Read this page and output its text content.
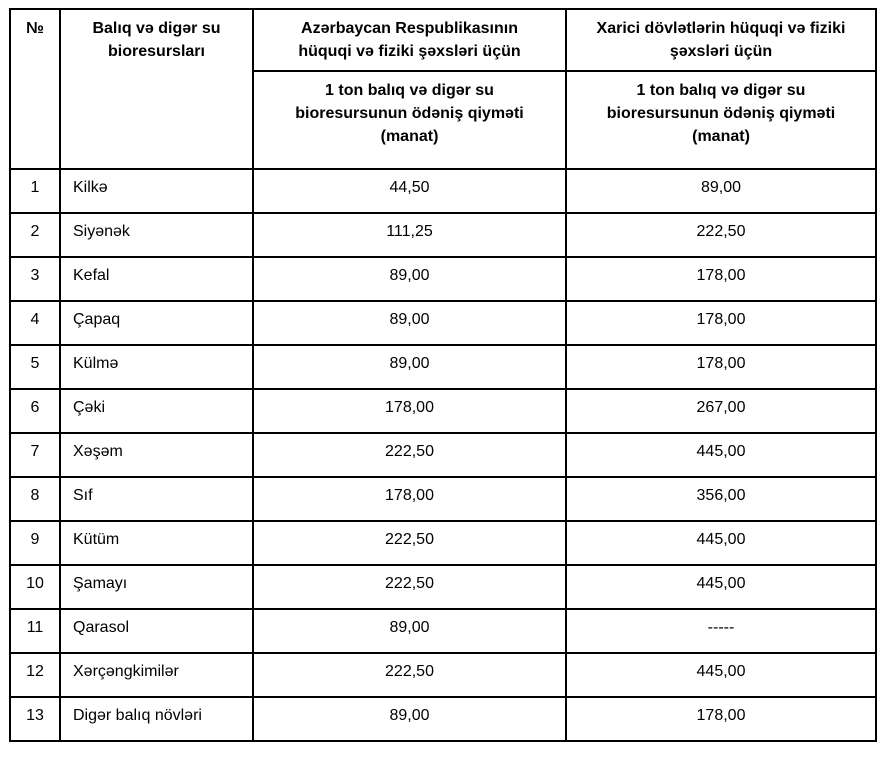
№	Balıq və digər su bioresursları	Azərbaycan Respublikasının hüquqi və fiziki şəxsləri üçün	Xarici dövlətlərin hüquqi və fiziki şəxsləri üçün
		1 ton balıq və digər su bioresursunun ödəniş qiyməti (manat)	1 ton balıq və digər su bioresursunun ödəniş qiyməti (manat)
1	Kilkə	44,50	89,00
2	Siyənək	111,25	222,50
3	Kefal	89,00	178,00
4	Çapaq	89,00	178,00
5	Külmə	89,00	178,00
6	Çəki	178,00	267,00
7	Xəşəm	222,50	445,00
8	Sıf	178,00	356,00
9	Kütüm	222,50	445,00
10	Şamayı	222,50	445,00
11	Qarasol	89,00	-----
12	Xərçəngkimilər	222,50	445,00
13	Digər balıq növləri	89,00	178,00
